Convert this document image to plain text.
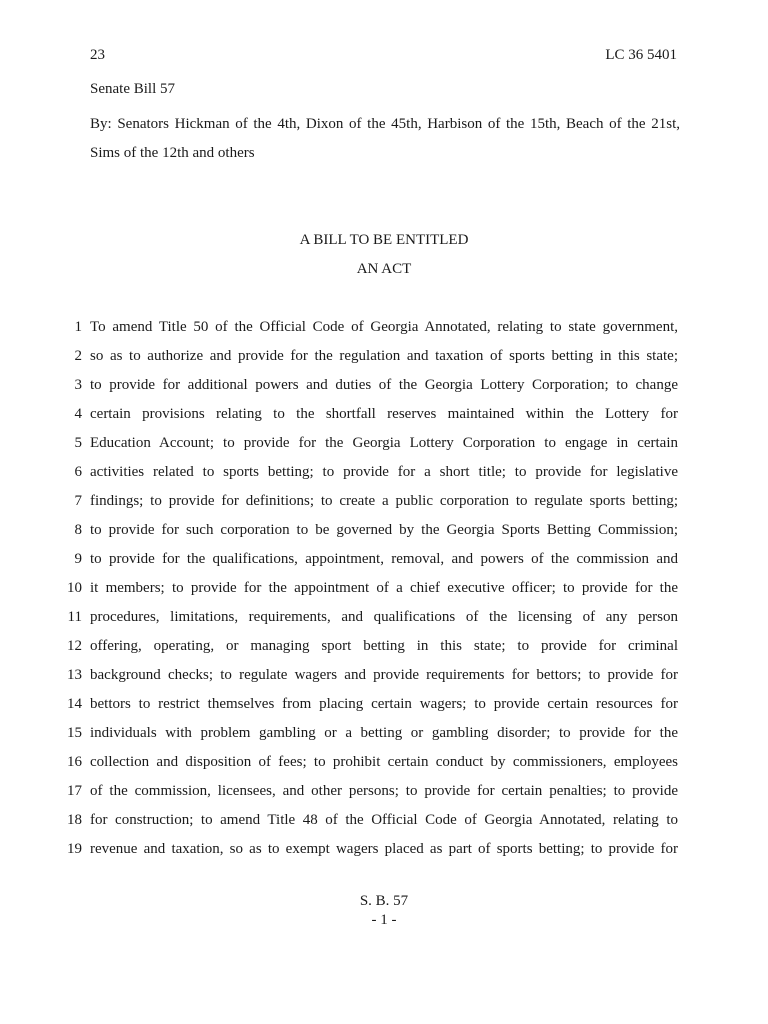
23	LC 36 5401
Senate Bill 57
By: Senators Hickman of the 4th, Dixon of the 45th, Harbison of the 15th, Beach of the 21st,
Sims of the 12th and others
A BILL TO BE ENTITLED
AN ACT
1 To amend Title 50 of the Official Code of Georgia Annotated, relating to state government,
2 so as to authorize and provide for the regulation and taxation of sports betting in this state;
3 to provide for additional powers and duties of the Georgia Lottery Corporation; to change
4 certain provisions relating to the shortfall reserves maintained within the Lottery for
5 Education Account; to provide for the Georgia Lottery Corporation to engage in certain
6 activities related to sports betting; to provide for a short title; to provide for legislative
7 findings; to provide for definitions; to create a public corporation to regulate sports betting;
8 to provide for such corporation to be governed by the Georgia Sports Betting Commission;
9 to provide for the qualifications, appointment, removal, and powers of the commission and
10 it members; to provide for the appointment of a chief executive officer; to provide for the
11 procedures, limitations, requirements, and qualifications of the licensing of any person
12 offering, operating, or managing sport betting in this state; to provide for criminal
13 background checks; to regulate wagers and provide requirements for bettors; to provide for
14 bettors to restrict themselves from placing certain wagers; to provide certain resources for
15 individuals with problem gambling or a betting or gambling disorder; to provide for the
16 collection and disposition of fees; to prohibit certain conduct by commissioners, employees
17 of the commission, licensees, and other persons; to provide for certain penalties; to provide
18 for construction; to amend Title 48 of the Official Code of Georgia Annotated, relating to
19 revenue and taxation, so as to exempt wagers placed as part of sports betting; to provide for
S. B. 57
- 1 -
